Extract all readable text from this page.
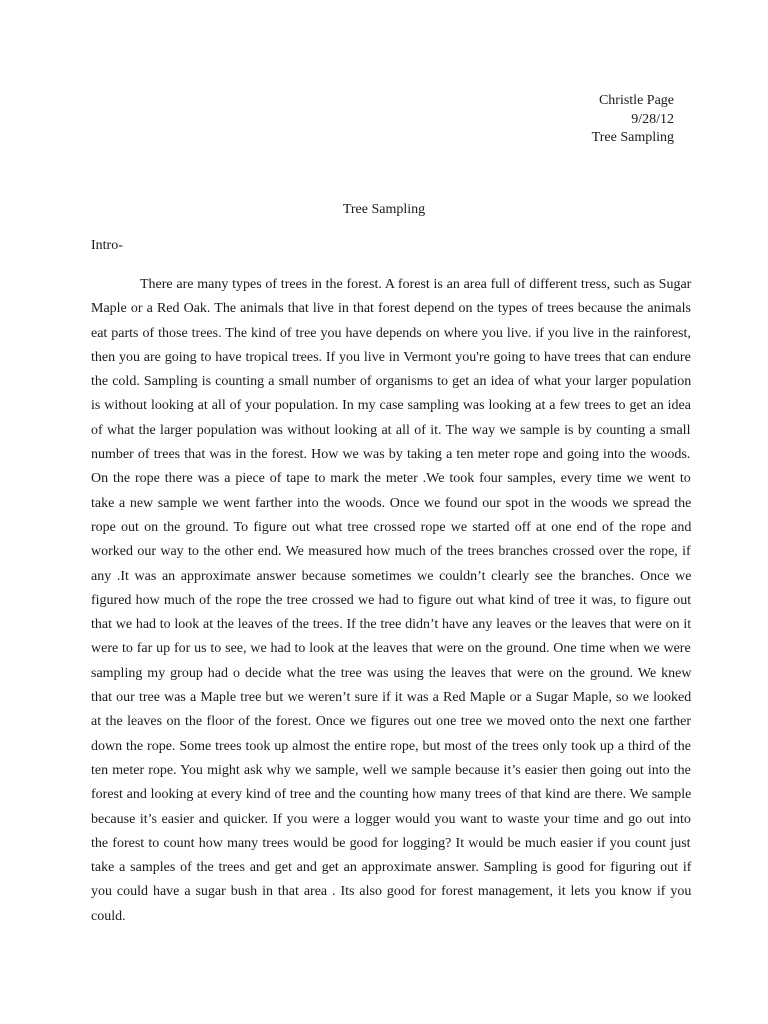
Christle Page
9/28/12
Tree Sampling
Tree Sampling
Intro-
There are many types of trees in the forest. A forest is an area full of different tress, such as Sugar
Maple or a Red Oak. The animals that live in that forest depend on the types of trees because the animals
eat parts of those trees. The kind of tree you have depends on where you live. if you live in the rainforest,
then you are going to have tropical trees. If you live in Vermont you're going to have trees that can endure
the cold. Sampling is counting a small number of organisms to get an idea of what your larger population
is without looking at all of your population. In my case sampling was looking at a few trees to get an idea
of what the larger population was without looking at all of it. The way we sample is by counting a small
number of trees that was in the forest. How we was by taking a ten meter rope and going into the woods.
On the rope there was a piece of tape to mark the meter .We took four samples, every time we went to
take a new sample we went farther into the woods. Once we found our spot in the woods we spread the
rope out on the ground. To figure out what tree crossed rope we started off at one end of the rope and
worked our way to the other end. We measured how much of the trees branches crossed over the rope, if
any .It was an approximate answer because sometimes we couldn’t clearly see the branches. Once we
figured how much of the rope the tree crossed we had to figure out what kind of tree it was, to figure out
that we had to look at the leaves of the trees. If the tree didn’t have any leaves or the leaves that were on it
were to far up for us to see, we had to look at the leaves that were on the ground. One time when we were
sampling my group had o decide what the tree was using the leaves that were on the ground. We knew
that our tree was a Maple tree but we weren’t sure if it was a Red Maple or a Sugar Maple, so we looked
at the leaves on the floor of the forest. Once we figures out one tree we moved onto the next one farther
down the rope. Some trees took up almost the entire rope, but most of the trees only took up a third of the
ten meter rope. You might ask why we sample, well we sample because it’s easier then going out into the
forest and looking at every kind of tree and the counting how many trees of that kind are there. We sample
because it’s easier and quicker. If you were a logger would you want to waste your time and go out into
the forest to count how many trees would be good for logging? It would be much easier if you count just
take a samples of the trees and get and get an approximate answer. Sampling is good for figuring out if
you could have a sugar bush in that area . Its also good for forest management, it lets you know if you
could.
